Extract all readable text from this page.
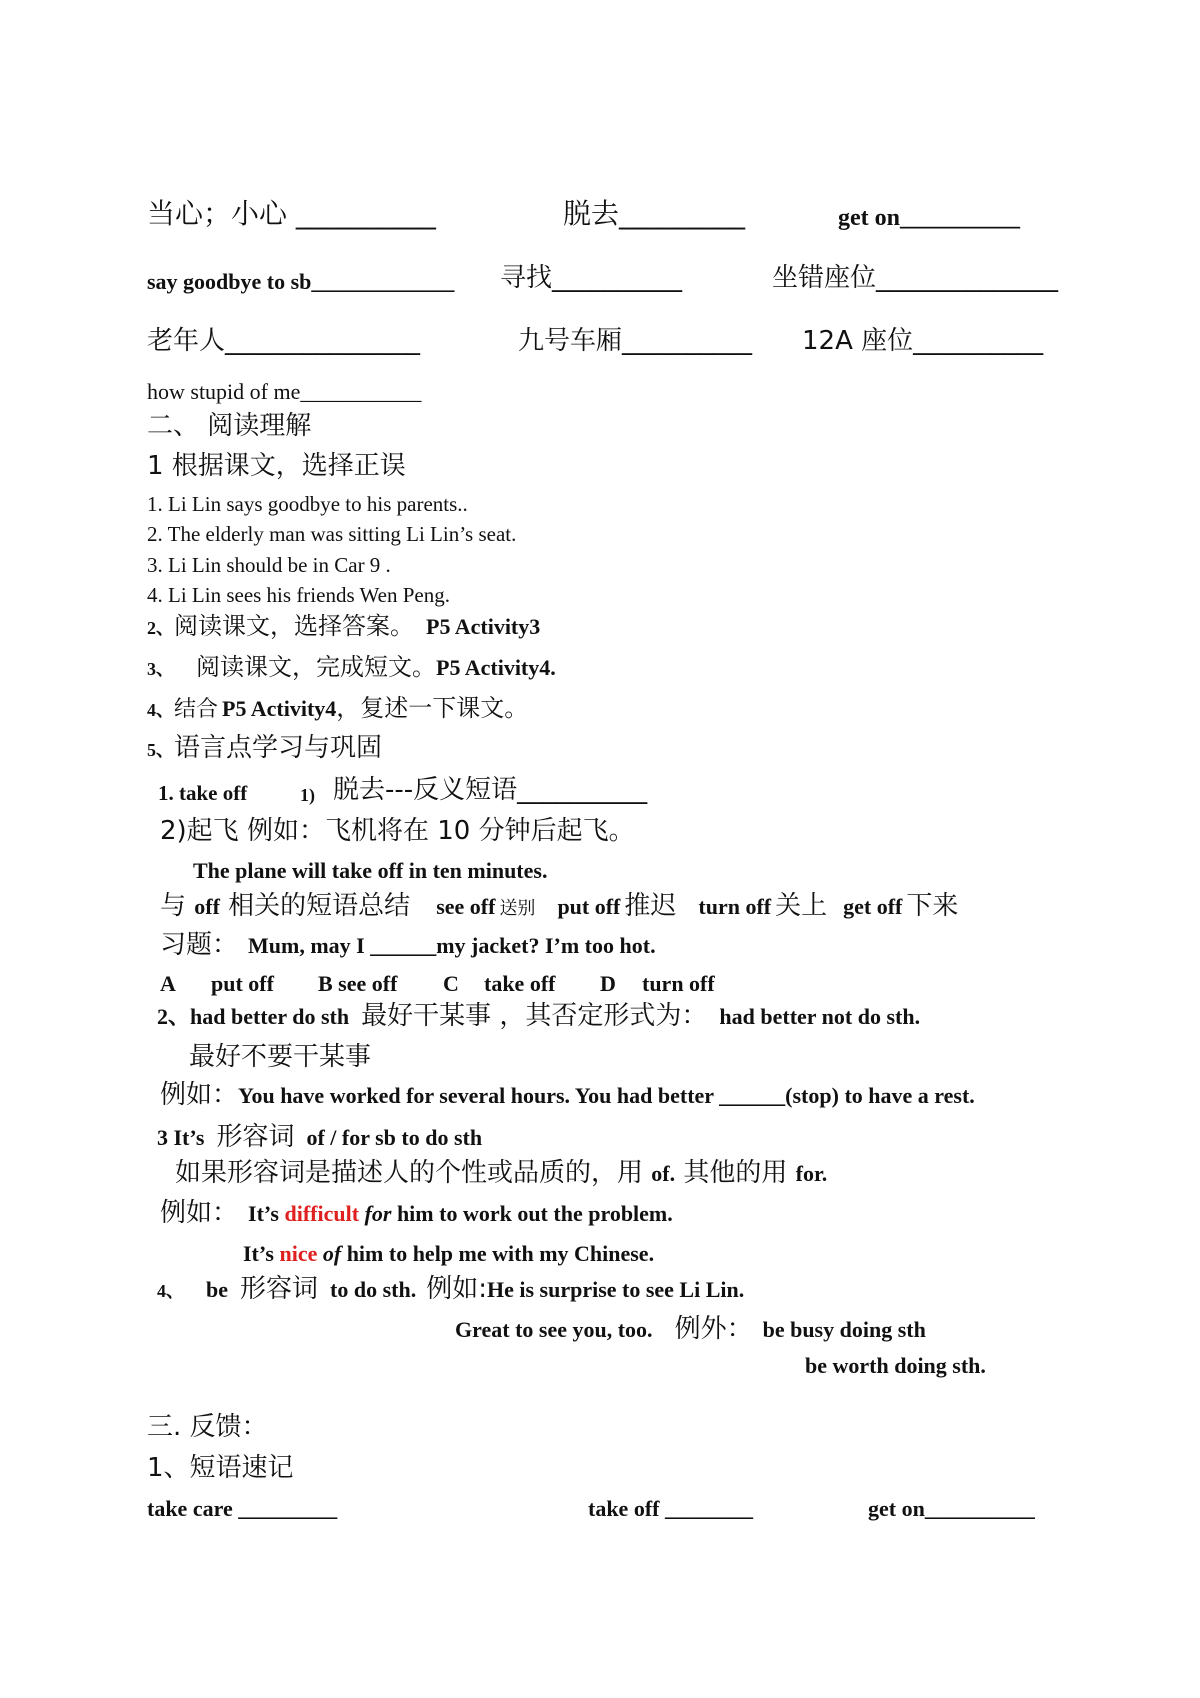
当心；小心 __________	脱去_________	get on__________
say goodbye to sb_____________ 寻找__________	坐错座位______________
老年人_______________	九号车厢__________ 12A 座位__________
how stupid of me___________
二、 阅读理解
1 根据课文，选择正误
1. Li Lin says goodbye to his parents..
2. The elderly man was sitting Li Lin’s seat.
3. Li Lin should be in Car 9 .
4. Li Lin sees his friends Wen Peng.
2、阅读课文，选择答案。 P5 Activity3
3、 阅读课文，完成短文。P5 Activity4.
4、结合 P5 Activity4，复述一下课文。
5、语言点学习与巩固
1. take off	1) 脱去---反义短语__________
2)起飞 例如：飞机将在 10 分钟后起飞。
The plane will take off in ten minutes.
与 off 相关的短语总结 see off 送别 put off 推迟 turn off 关上 get off 下来
习题： Mum, may I ______my jacket? I’m too hot.
A put off B see off C take off D turn off
2、had better do sth 最好干某事 ，其否定形式为： had better not do sth.
最好不要干某事
例如：You have worked for several hours. You had better ______(stop) to have a rest.
3 It’s 形容词 of / for sb to do sth
如果形容词是描述人的个性或品质的，用 of. 其他的用 for.
例如： It’s difficult for him to work out the problem.
It’s nice of him to help me with my Chinese.
4、 be 形容词 to do sth. 例如:He is surprise to see Li Lin.
Great to see you, too. 例外： be busy doing sth
be worth doing sth.
三. 反馈：
1、短语速记
take care _________	take off ________	get on__________
